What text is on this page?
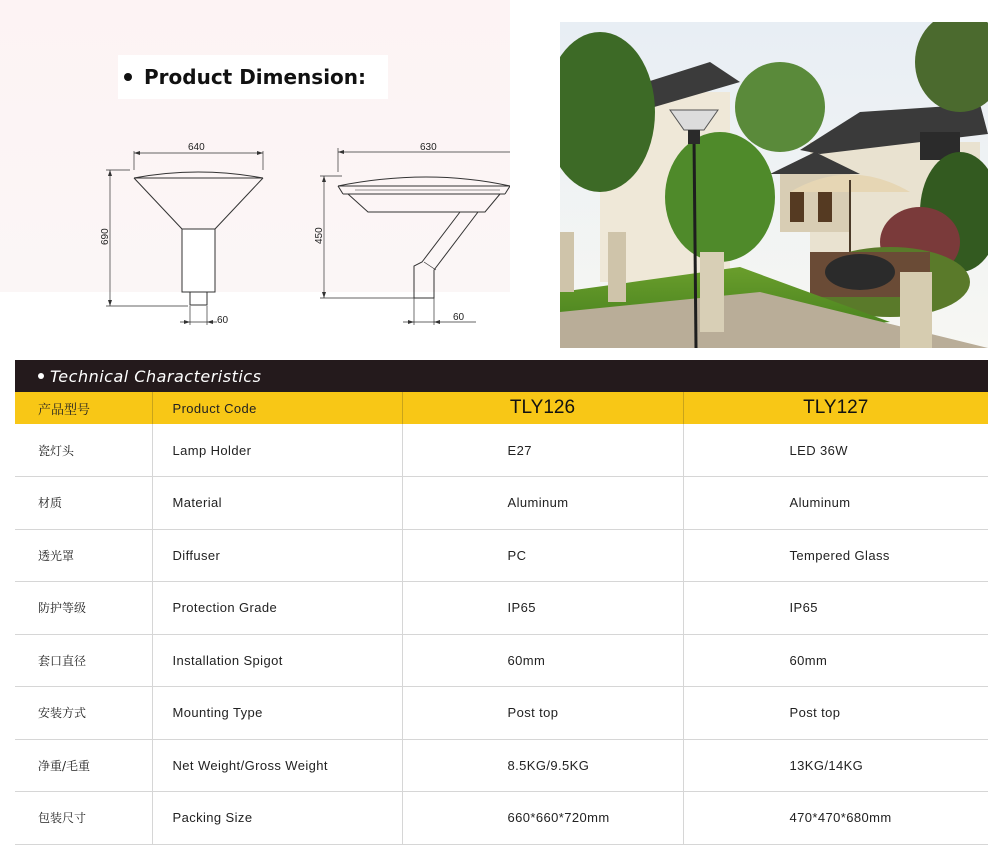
Product Dimension:
640
690
60
630
450
60
Technical Characteristics
产品型号	Product Code	TLY126	TLY127
瓷灯头	Lamp Holder	E27	LED 36W
材质	Material	Aluminum	Aluminum
透光罩	Diffuser	PC	Tempered Glass
防护等级	Protection Grade	IP65	IP65
套口直径	Installation Spigot	60mm	60mm
安装方式	Mounting Type	Post top	Post top
净重/毛重	Net Weight/Gross Weight	8.5KG/9.5KG	13KG/14KG
包装尺寸	Packing Size	660*660*720mm	470*470*680mm
